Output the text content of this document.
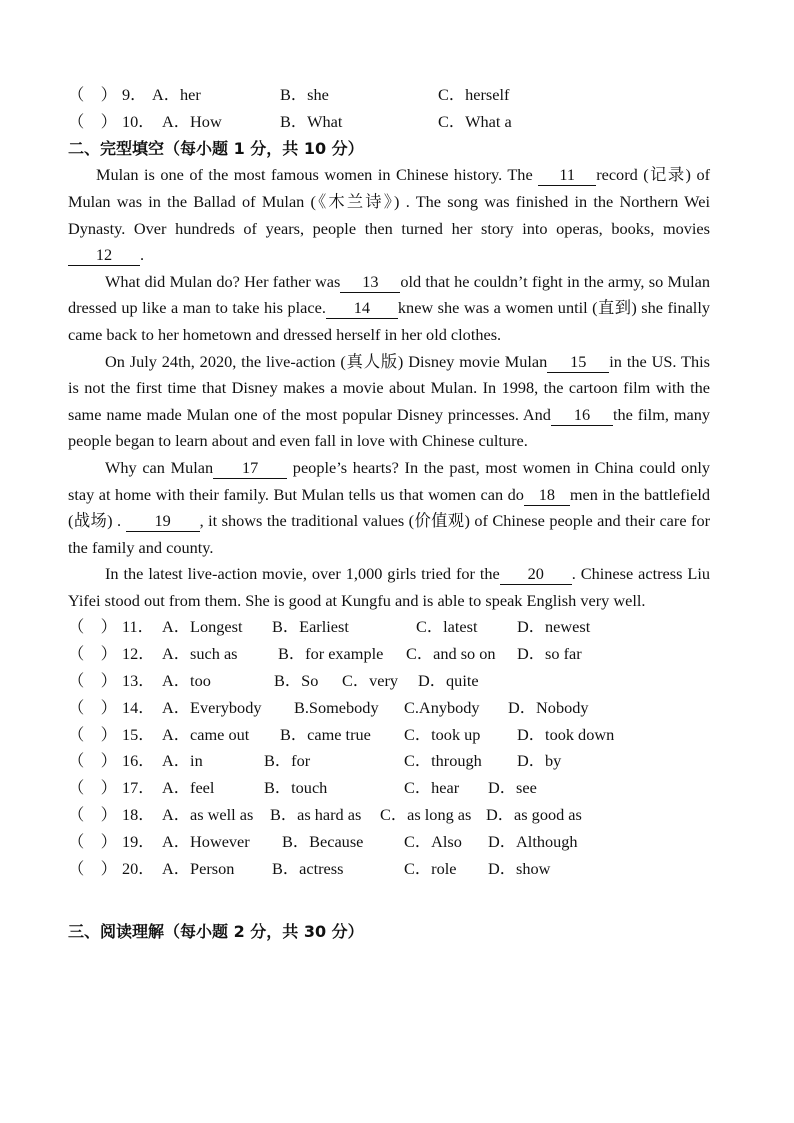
（　） 9． A．her	B．she	C．herself
（　） 10． A．How	B．What	C．What a
二、完型填空（每小题 1 分，共 10 分）

Mulan is one of the most famous women in Chinese history. The 11 record (记录) of Mulan was in the Ballad of Mulan (《木兰诗》) . The song was finished in the Northern Wei Dynasty. Over hundreds of years, people then turned her story into operas, books, movies 12 .

What did Mulan do? Her father was 13 old that he couldn’t fight in the army, so Mulan dressed up like a man to take his place. 14 knew she was a women until (直到) she finally came back to her hometown and dressed herself in her old clothes.

On July 24th, 2020, the live-action (真人版) Disney movie Mulan 15 in the US. This is not the first time that Disney makes a movie about Mulan. In 1998, the cartoon film with the same name made Mulan one of the most popular Disney princesses. And 16 the film, many people began to learn about and even fall in love with Chinese culture.

Why can Mulan 17 people’s hearts? In the past, most women in China could only stay at home with their family. But Mulan tells us that women can do 18 men in the battlefield (战场) . 19 , it shows the traditional values (价值观) of Chinese people and their care for the family and county.

In the latest live-action movie, over 1,000 girls tried for the 20 . Chinese actress Liu Yifei stood out from them. She is good at Kungfu and is able to speak English very well.

（　） 11． A．Longest B．Earliest	C．latest D．newest
（　） 12． A．such as B．for example C．and so on D．so far
（　） 13． A．too	B．So C．very D．quite
（　） 14． A．Everybody B.Somebody C.Anybody D．Nobody
（　） 15． A．came out B．came true C．took up D．took down
（　） 16． A．in	B．for	C．through D．by
（　） 17． A．feel	B．touch	C．hear D．see
（　） 18． A．as well as B．as hard as C．as long as D．as good as
（　） 19． A．However B．Because C．Also D．Although
（　） 20． A．Person B．actress	C．role D．show
三、阅读理解（每小题 2 分，共 30 分）
